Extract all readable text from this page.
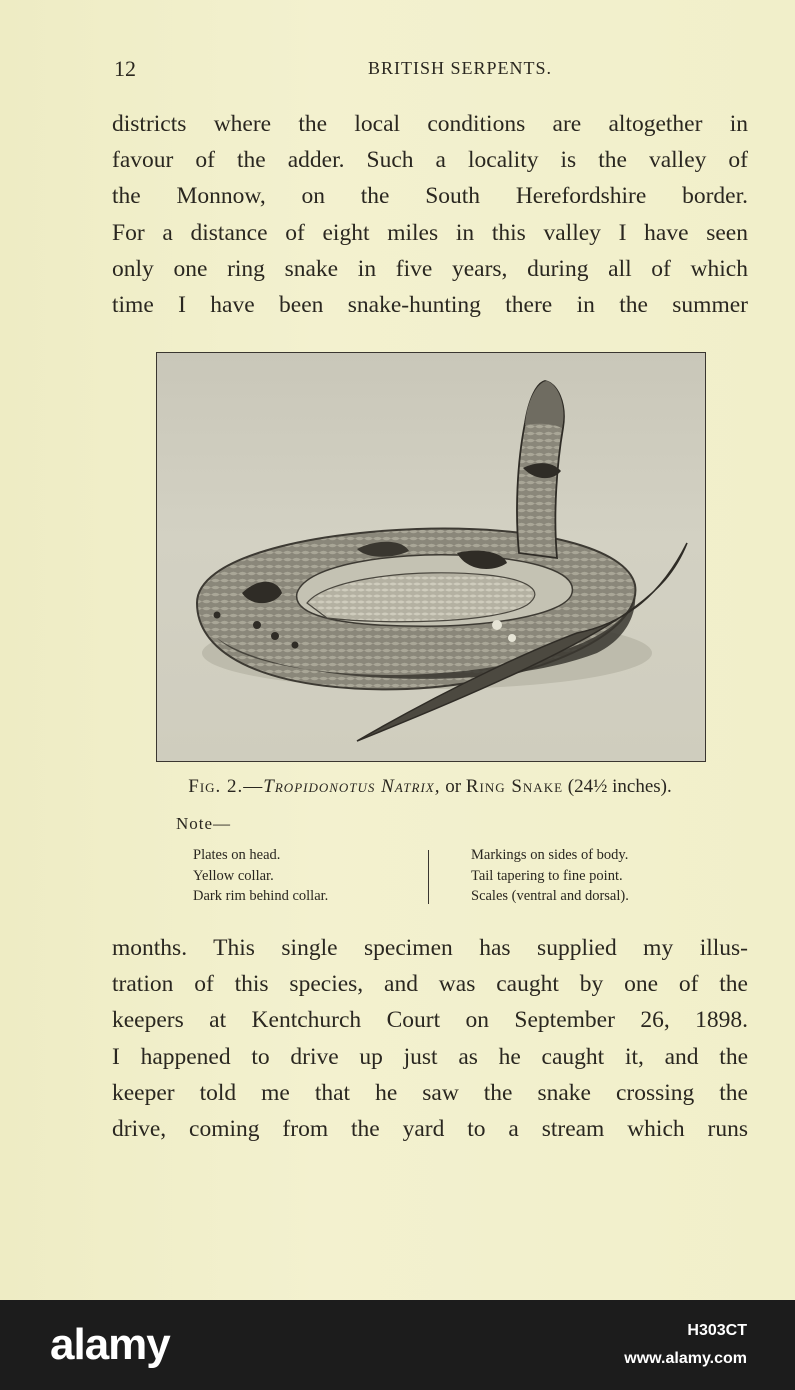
12	BRITISH SERPENTS.
districts where the local conditions are altogether in
favour of the adder. Such a locality is the valley of
the Monnow, on the South Herefordshire border.
For a distance of eight miles in this valley I have seen
only one ring snake in five years, during all of which
time I have been snake-hunting there in the summer
Fig. 2.—Tropidonotus Natrix, or Ring Snake (24½ inches).
Note—
Plates on head.
Yellow collar.
Dark rim behind collar.
Markings on sides of body.
Tail tapering to fine point.
Scales (ventral and dorsal).
months. This single specimen has supplied my illus-
tration of this species, and was caught by one of the
keepers at Kentchurch Court on September 26, 1898.
I happened to drive up just as he caught it, and the
keeper told me that he saw the snake crossing the
drive, coming from the yard to a stream which runs
alamy	H303CT
www.alamy.com
